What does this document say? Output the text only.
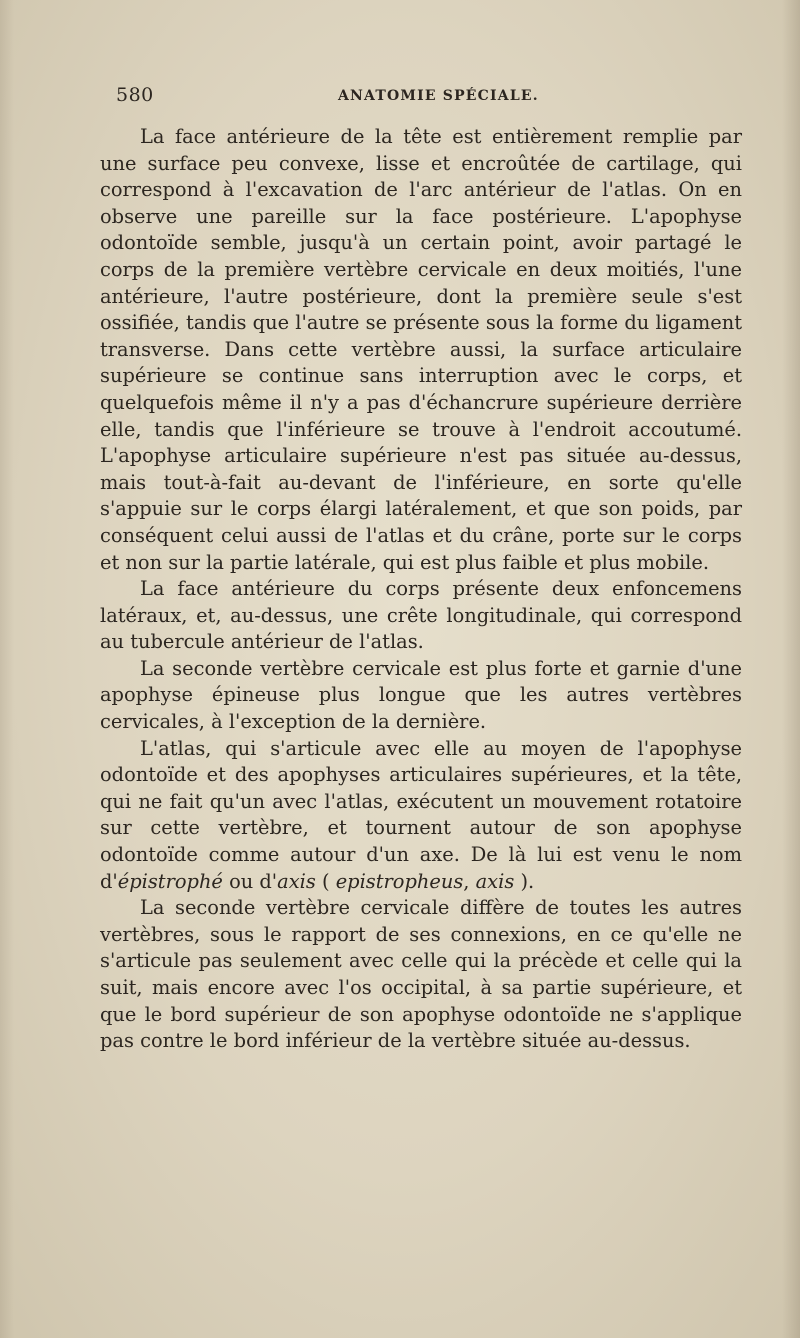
580	ANATOMIE SPÉCIALE.

La face antérieure de la tête est entièrement remplie par une surface peu convexe, lisse et encroûtée de cartilage, qui correspond à l'excavation de l'arc antérieur de l'atlas. On en observe une pareille sur la face postérieure. L'apophyse odontoïde semble, jusqu'à un certain point, avoir partagé le corps de la première vertèbre cervicale en deux moitiés, l'une antérieure, l'autre postérieure, dont la première seule s'est ossifiée, tandis que l'autre se présente sous la forme du ligament transverse. Dans cette vertèbre aussi, la surface articulaire supérieure se continue sans interruption avec le corps, et quelquefois même il n'y a pas d'échancrure supérieure derrière elle, tandis que l'inférieure se trouve à l'endroit accoutumé. L'apophyse articulaire supérieure n'est pas située au-dessus, mais tout-à-fait au-devant de l'inférieure, en sorte qu'elle s'appuie sur le corps élargi latéralement, et que son poids, par conséquent celui aussi de l'atlas et du crâne, porte sur le corps et non sur la partie latérale, qui est plus faible et plus mobile.

La face antérieure du corps présente deux enfoncemens latéraux, et, au-dessus, une crête longitudinale, qui correspond au tubercule antérieur de l'atlas.

La seconde vertèbre cervicale est plus forte et garnie d'une apophyse épineuse plus longue que les autres vertèbres cervicales, à l'exception de la dernière.

L'atlas, qui s'articule avec elle au moyen de l'apophyse odontoïde et des apophyses articulaires supérieures, et la tête, qui ne fait qu'un avec l'atlas, exécutent un mouvement rotatoire sur cette vertèbre, et tournent autour de son apophyse odontoïde comme autour d'un axe. De là lui est venu le nom d'épistrophé ou d'axis ( epistropheus, axis ).

La seconde vertèbre cervicale diffère de toutes les autres vertèbres, sous le rapport de ses connexions, en ce qu'elle ne s'articule pas seulement avec celle qui la précède et celle qui la suit, mais encore avec l'os occipital, à sa partie supérieure, et que le bord supérieur de son apophyse odontoïde ne s'applique pas contre le bord inférieur de la vertèbre située au-dessus.
